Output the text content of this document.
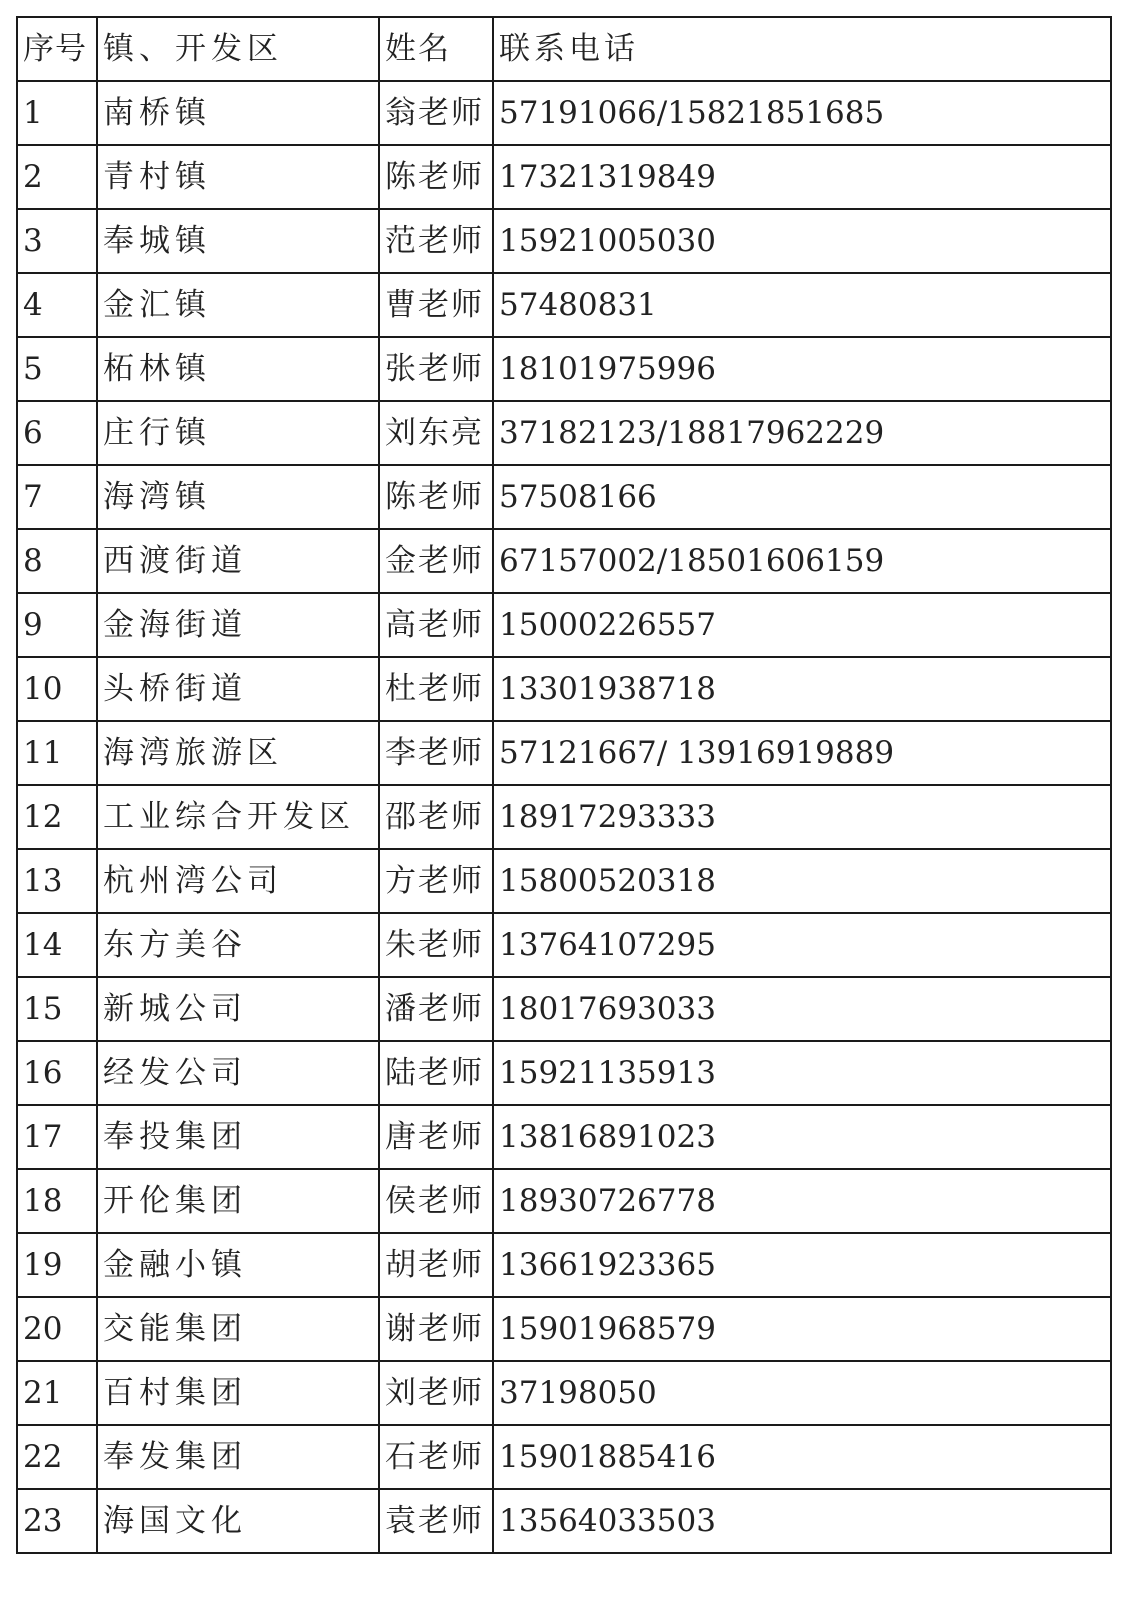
序号	镇、开发区	姓名	联系电话
1	南桥镇	翁老师	57191066/15821851685
2	青村镇	陈老师	17321319849
3	奉城镇	范老师	15921005030
4	金汇镇	曹老师	57480831
5	柘林镇	张老师	18101975996
6	庄行镇	刘东亮	37182123/18817962229
7	海湾镇	陈老师	57508166
8	西渡街道	金老师	67157002/18501606159
9	金海街道	高老师	15000226557
10	头桥街道	杜老师	13301938718
11	海湾旅游区	李老师	57121667/ 13916919889
12	工业综合开发区	邵老师	18917293333
13	杭州湾公司	方老师	15800520318
14	东方美谷	朱老师	13764107295
15	新城公司	潘老师	18017693033
16	经发公司	陆老师	15921135913
17	奉投集团	唐老师	13816891023
18	开伦集团	侯老师	18930726778
19	金融小镇	胡老师	13661923365
20	交能集团	谢老师	15901968579
21	百村集团	刘老师	37198050
22	奉发集团	石老师	15901885416
23	海国文化	袁老师	13564033503
